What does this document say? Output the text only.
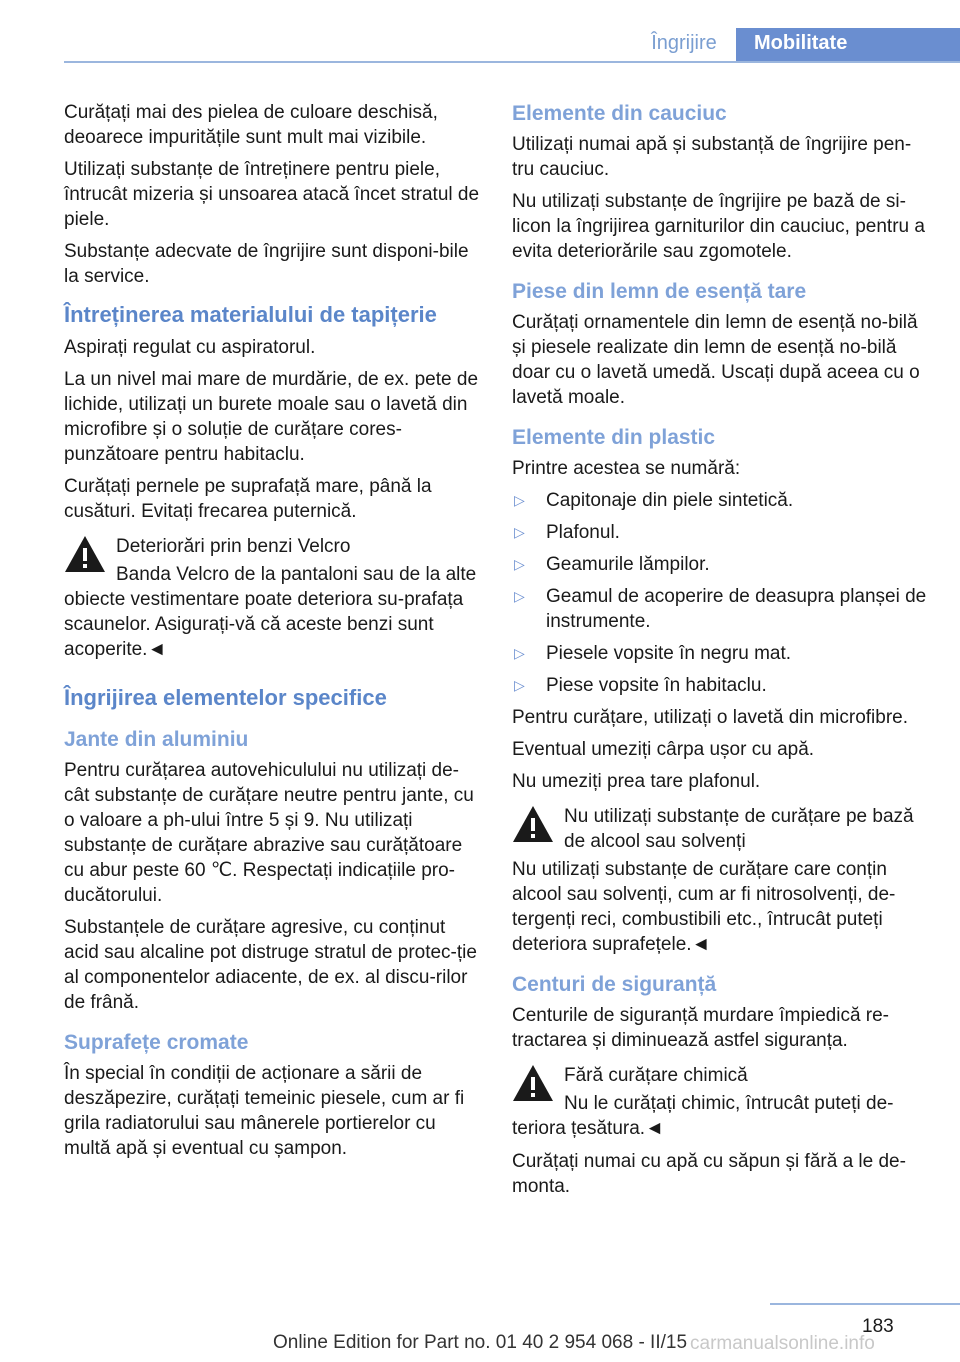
Îngrijire	Mobilitate

Curățați mai des pielea de culoare deschisă, deoarece impuritățile sunt mult mai vizibile.

Utilizați substanțe de întreținere pentru piele, întrucât mizeria și unsoarea atacă încet stratul de piele.

Substanțe adecvate de îngrijire sunt disponi‐bile la service.

Întreținerea materialului de tapițerie

Aspirați regulat cu aspiratorul.

La un nivel mai mare de murdărie, de ex. pete de lichide, utilizați un burete moale sau o lavetă din microfibre și o soluție de curățare cores‐punzătoare pentru habitaclu.

Curățați pernele pe suprafață mare, până la cusături. Evitați frecarea puternică.

Deteriorări prin benzi Velcro

Banda Velcro de la pantaloni sau de la alte obiecte vestimentare poate deteriora su‐prafața scaunelor. Asigurați-vă că aceste benzi sunt acoperite.◄

Îngrijirea elementelor specifice
Jante din aluminiu

Pentru curățarea autovehiculului nu utilizați de‐cât substanțe de curățare neutre pentru jante, cu o valoare a ph-ului între 5 și 9. Nu utilizați substanțe de curățare abrazive sau curățătoare cu abur peste 60 ℃. Respectați indicațiile pro‐ducătorului.

Substanțele de curățare agresive, cu conținut acid sau alcaline pot distruge stratul de protec‐ție al componentelor adiacente, de ex. al discu‐rilor de frână.

Suprafețe cromate

În special în condiții de acționare a sării de deszăpezire, curățați temeinic piesele, cum ar fi grila radiatorului sau mânerele portierelor cu multă apă și eventual cu șampon.

Elemente din cauciuc

Utilizați numai apă și substanță de îngrijire pen‐tru cauciuc.

Nu utilizați substanțe de îngrijire pe bază de si‐licon la îngrijirea garniturilor din cauciuc, pentru a evita deteriorările sau zgomotele.

Piese din lemn de esență tare

Curățați ornamentele din lemn de esență no‐bilă și piesele realizate din lemn de esență no‐bilă doar cu o lavetă umedă. Uscați după aceea cu o lavetă moale.

Elemente din plastic

Printre acestea se numără:

▷ Capitonaje din piele sintetică.
▷ Plafonul.
▷ Geamurile lămpilor.
▷ Geamul de acoperire de deasupra planșei de instrumente.
▷ Piesele vopsite în negru mat.
▷ Piese vopsite în habitaclu.

Pentru curățare, utilizați o lavetă din microfibre.

Eventual umeziți cârpa ușor cu apă.

Nu umeziți prea tare plafonul.

Nu utilizați substanțe de curățare pe bază de alcool sau solvenți

Nu utilizați substanțe de curățare care conțin alcool sau solvenți, cum ar fi nitrosolvenți, de‐tergenți reci, combustibili etc., întrucât puteți deteriora suprafețele.◄

Centuri de siguranță

Centurile de siguranță murdare împiedică re‐tractarea și diminuează astfel siguranța.

Fără curățare chimică

Nu le curățați chimic, întrucât puteți de‐teriora țesătura.◄

Curățați numai cu apă cu săpun și fără a le de‐monta.

183
carmanualsonline.info
Online Edition for Part no. 01 40 2 954 068 - II/15
